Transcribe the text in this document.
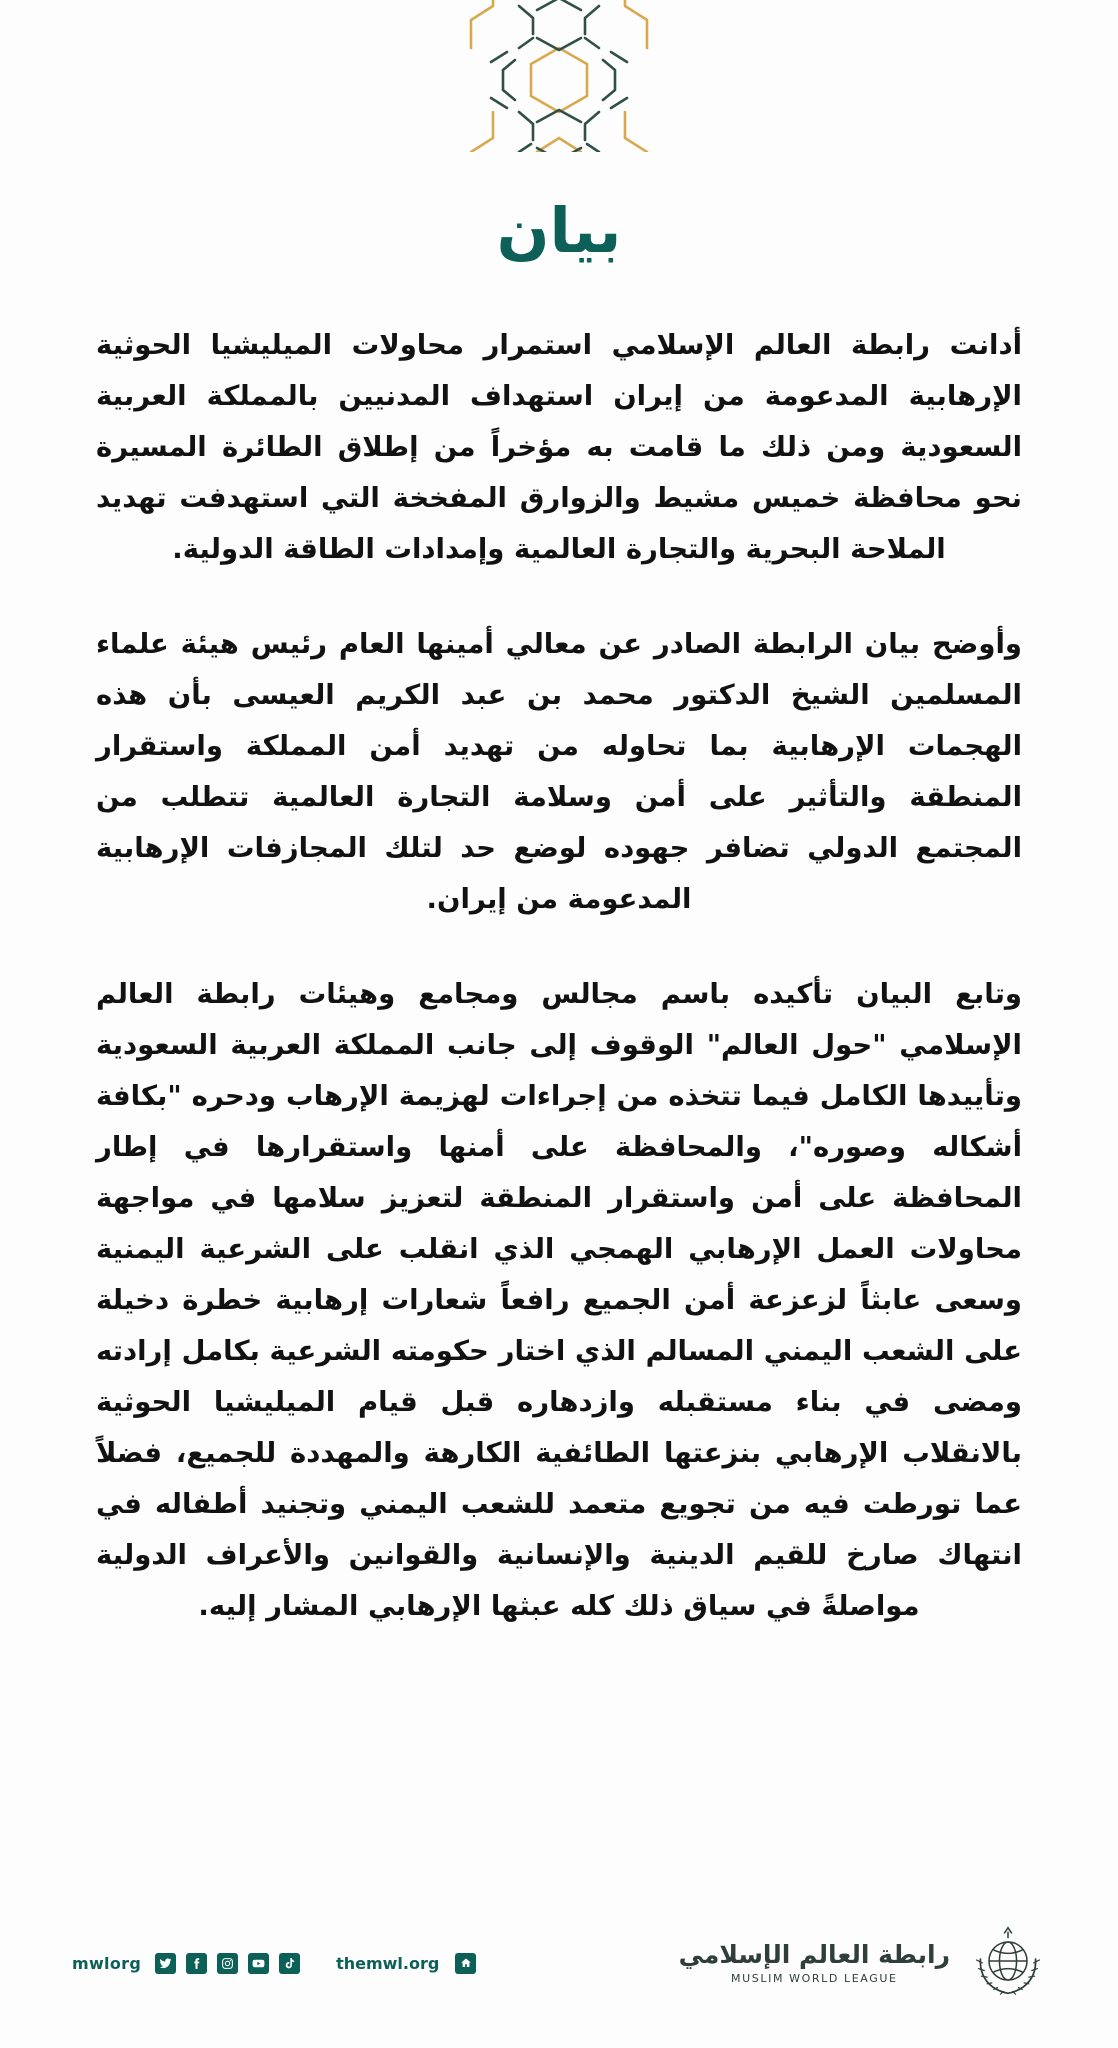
بيان

أدانت رابطة العالم الإسلامي استمرار محاولات الميليشيا الحوثية الإرهابية المدعومة من إيران استهداف المدنيين بالمملكة العربية السعودية ومن ذلك ما قامت به مؤخراً من إطلاق الطائرة المسيرة نحو محافظة خميس مشيط والزوارق المفخخة التي استهدفت تهديد الملاحة البحرية والتجارة العالمية وإمدادات الطاقة الدولية.

وأوضح بيان الرابطة الصادر عن معالي أمينها العام رئيس هيئة علماء المسلمين الشيخ الدكتور محمد بن عبد الكريم العيسى بأن هذه الهجمات الإرهابية بما تحاوله من تهديد أمن المملكة واستقرار المنطقة والتأثير على أمن وسلامة التجارة العالمية تتطلب من المجتمع الدولي تضافر جهوده لوضع حد لتلك المجازفات الإرهابية المدعومة من إيران.

وتابع البيان تأكيده باسم مجالس ومجامع وهيئات رابطة العالم الإسلامي "حول العالم" الوقوف إلى جانب المملكة العربية السعودية وتأييدها الكامل فيما تتخذه من إجراءات لهزيمة الإرهاب ودحره "بكافة أشكاله وصوره"، والمحافظة على أمنها واستقرارها في إطار المحافظة على أمن واستقرار المنطقة لتعزيز سلامها في مواجهة محاولات العمل الإرهابي الهمجي الذي انقلب على الشرعية اليمنية وسعى عابثاً لزعزعة أمن الجميع رافعاً شعارات إرهابية خطرة دخيلة على الشعب اليمني المسالم الذي اختار حكومته الشرعية بكامل إرادته ومضى في بناء مستقبله وازدهاره قبل قيام الميليشيا الحوثية بالانقلاب الإرهابي بنزعتها الطائفية الكارهة والمهددة للجميع، فضلاً عما تورطت فيه من تجويع متعمد للشعب اليمني وتجنيد أطفاله في انتهاك صارخ للقيم الدينية والإنسانية والقوانين والأعراف الدولية مواصلةً في سياق ذلك كله عبثها الإرهابي المشار إليه.

mwlorg	themwl.org	رابطة العالم الإسلامي
MUSLIM WORLD LEAGUE
